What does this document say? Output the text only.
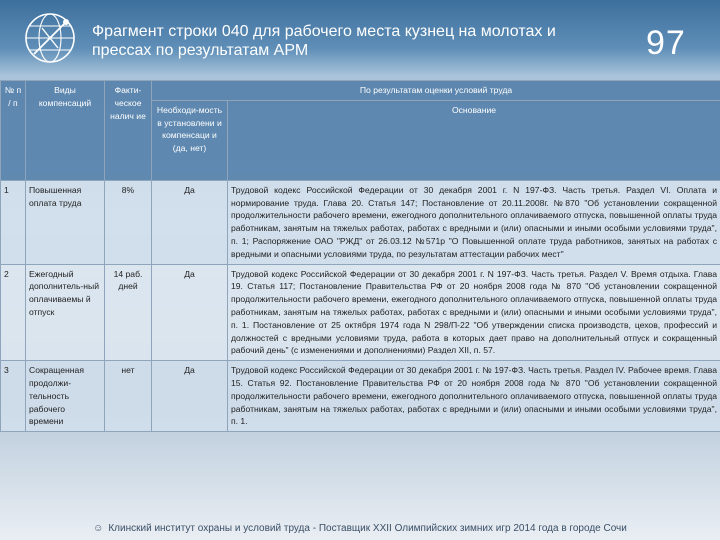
Фрагмент строки 040 для рабочего места кузнец на молотах и прессах по результатам АРМ	97
№ п / п	Виды компенсаций	Факти-ческое налич ие	По результатам оценки условий труда	
			Необходи-мость в установлени и компенсаци и (да, нет)	Основание
1	Повышенная оплата труда	8%	Да	Трудовой кодекс Российской Федерации от 30 декабря 2001 г. N 197-ФЗ. Часть третья. Раздел VI. Оплата и нормирование труда. Глава 20. Статья 147; Постановление от 20.11.2008г. №870 "Об установлении сокращенной продолжительности рабочего времени, ежегодного дополнительного оплачиваемого отпуска, повышенной оплаты труда работникам, занятым на тяжелых работах, работах с вредными и (или) опасными и иными особыми условиями труда", п. 1; Распоряжение ОАО "РЖД" от 26.03.12 №571р "О Повышенной оплате труда работников, занятых на работах с вредными и опасными условиями труда, по результатам аттестации рабочих мест"
2	Ежегодный дополнитель-ный оплачиваемы й отпуск	14 раб. дней	Да	Трудовой кодекс Российской Федерации от 30 декабря 2001 г. N 197-ФЗ. Часть третья. Раздел V. Время отдыха. Глава 19. Статья 117; Постановление Правительства РФ от 20 ноября 2008 года № 870 "Об установлении сокращенной продолжительности рабочего времени, ежегодного дополнительного оплачиваемого отпуска, повышенной оплаты труда работникам, занятым на тяжелых работах, работах с вредными и (или) опасными и иными особыми условиями труда", п. 1. Постановление от 25 октября 1974 года N 298/П-22 "Об утверждении списка производств, цехов, профессий и должностей с вредными условиями труда, работа в которых дает право на дополнительный отпуск и сокращенный рабочий день" (с изменениями и дополнениями) Раздел XII, п. 57.
3	Сокращенная продолжи-тельность рабочего времени	нет	Да	Трудовой кодекс Российской Федерации от 30 декабря 2001 г. № 197-ФЗ. Часть третья. Раздел IV. Рабочее время. Глава 15. Статья 92. Постановление Правительства РФ от 20 ноября 2008 года № 870 "Об установлении сокращенной продолжительности рабочего времени, ежегодного дополнительного оплачиваемого отпуска, повышенной оплаты труда работникам, занятым на тяжелых работах, работах с вредными и (или) опасными и иными особыми условиями труда", п. 1.
☺ Клинский институт охраны и условий труда - Поставщик XXII Олимпийских зимних игр 2014 года в городе Сочи
